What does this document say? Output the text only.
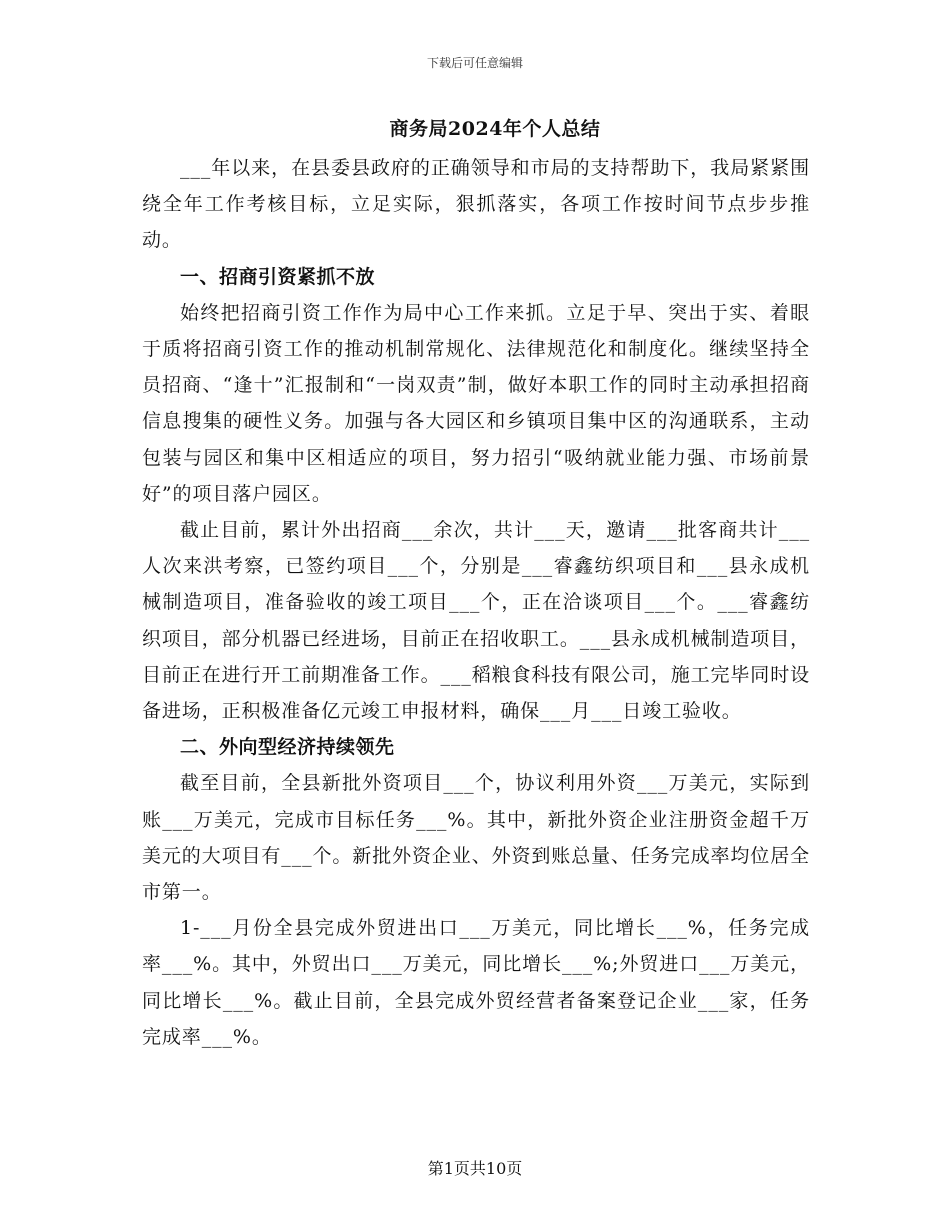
下载后可任意编辑
商务局2024年个人总结

___年以来，在县委县政府的正确领导和市局的支持帮助下，我局紧紧围绕全年工作考核目标，立足实际，狠抓落实，各项工作按时间节点步步推动。

一、招商引资紧抓不放

始终把招商引资工作作为局中心工作来抓。立足于早、突出于实、着眼于质将招商引资工作的推动机制常规化、法律规范化和制度化。继续坚持全员招商、“逢十”汇报制和“一岗双责”制，做好本职工作的同时主动承担招商信息搜集的硬性义务。加强与各大园区和乡镇项目集中区的沟通联系，主动包装与园区和集中区相适应的项目，努力招引“吸纳就业能力强、市场前景好”的项目落户园区。

截止目前，累计外出招商___余次，共计___天，邀请___批客商共计___人次来洪考察，已签约项目___个，分别是___睿鑫纺织项目和___县永成机械制造项目，准备验收的竣工项目___个，正在洽谈项目___个。___睿鑫纺织项目，部分机器已经进场，目前正在招收职工。___县永成机械制造项目，目前正在进行开工前期准备工作。___稻粮食科技有限公司，施工完毕同时设备进场，正积极准备亿元竣工申报材料，确保___月___日竣工验收。

二、外向型经济持续领先

截至目前，全县新批外资项目___个，协议利用外资___万美元，实际到账___万美元，完成市目标任务___%。其中，新批外资企业注册资金超千万美元的大项目有___个。新批外资企业、外资到账总量、任务完成率均位居全市第一。

1-___月份全县完成外贸进出口___万美元，同比增长___%，任务完成率___%。其中，外贸出口___万美元，同比增长___%;外贸进口___万美元，同比增长___%。截止目前，全县完成外贸经营者备案登记企业___家，任务完成率___%。

第1页共10页
